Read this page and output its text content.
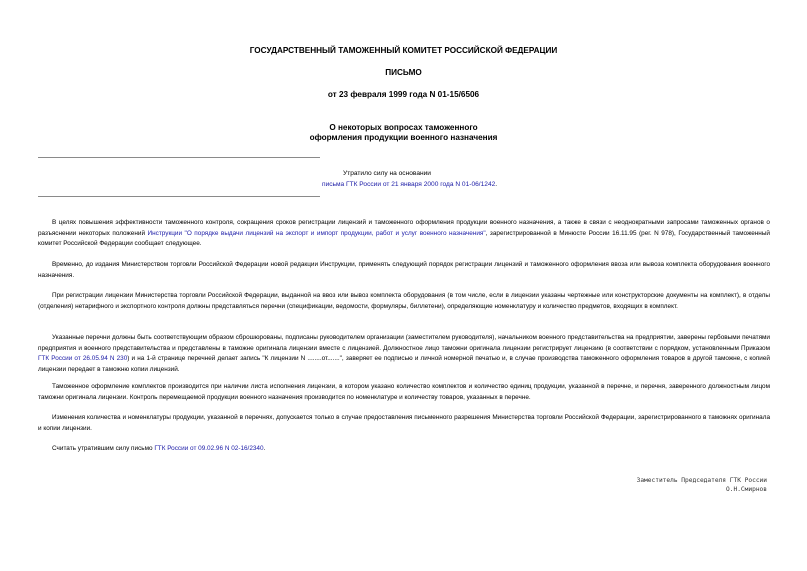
ГОСУДАРСТВЕННЫЙ ТАМОЖЕННЫЙ КОМИТЕТ РОССИЙСКОЙ ФЕДЕРАЦИИ
ПИСЬМО
от 23 февраля 1999 года N 01-15/6506
О некоторых вопросах таможенного
оформления продукции военного назначения
Утратило силу на основании
письма ГТК России от 21 января 2000 года N 01-06/1242.

В целях повышения эффективности таможенного контроля, сокращения сроков регистрации лицензий и таможенного оформления продукции военного назначения, а также в связи с неоднократными запросами таможенных органов о разъяснении некоторых положений Инструкции "О порядке выдачи лицензий на экспорт и импорт продукции, работ и услуг военного назначения", зарегистрированной в Минюсте России 16.11.95 (рег. N 978), Государственный таможенный комитет Российской Федерации сообщает следующее.

Временно, до издания Министерством торговли Российской Федерации новой редакции Инструкции, применять следующий порядок регистрации лицензий и таможенного оформления ввоза или вывоза комплекта оборудования военного назначения.

При регистрации лицензии Министерства торговли Российской Федерации, выданной на ввоз или вывоз комплекта оборудования (в том числе, если в лицензии указаны чертежные или конструкторские документы на комплект), в отделы (отделения) нетарифного и экспортного контроля должны представляться перечни (спецификации, ведомости, формуляры, биллетени), определяющие номенклатуру и количество предметов, входящих в комплект.

Указанные перечни должны быть соответствующим образом сброшюрованы, подписаны руководителем организации (заместителем руководителя), начальником военного представительства на предприятии, заверены гербовыми печатями предприятия и военного представительства и представлены в таможне оригинала лицензии вместе с лицензией. Должностное лицо таможни оригинала лицензии регистрирует лицензию (в соответствии с порядком, установленным Приказом ГТК России от 26.05.94 N 230) и на 1-й странице перечней делает запись "К лицензии N ........от.......", заверяет ее подписью и личной номерной печатью и, в случае производства таможенного оформления товаров в другой таможне, с копией лицензии передает в таможню копии лицензий.

Таможенное оформление комплектов производится при наличии листа исполнения лицензии, в котором указано количество комплектов и количество единиц продукции, указанной в перечне, и перечня, заверенного должностным лицом таможни оригинала лицензии. Контроль перемещаемой продукции военного назначения производится по номенклатуре и количеству товаров, указанных в перечне.

Изменения количества и номенклатуры продукции, указанной в перечнях, допускается только в случае предоставления письменного разрешения Министерства торговли Российской Федерации, зарегистрированного в таможнях оригинала и копии лицензии.

Считать утратившим силу письмо ГТК России от 09.02.96 N 02-16/2340.

Заместитель Председателя ГТК России
О.Н.Смирнов
